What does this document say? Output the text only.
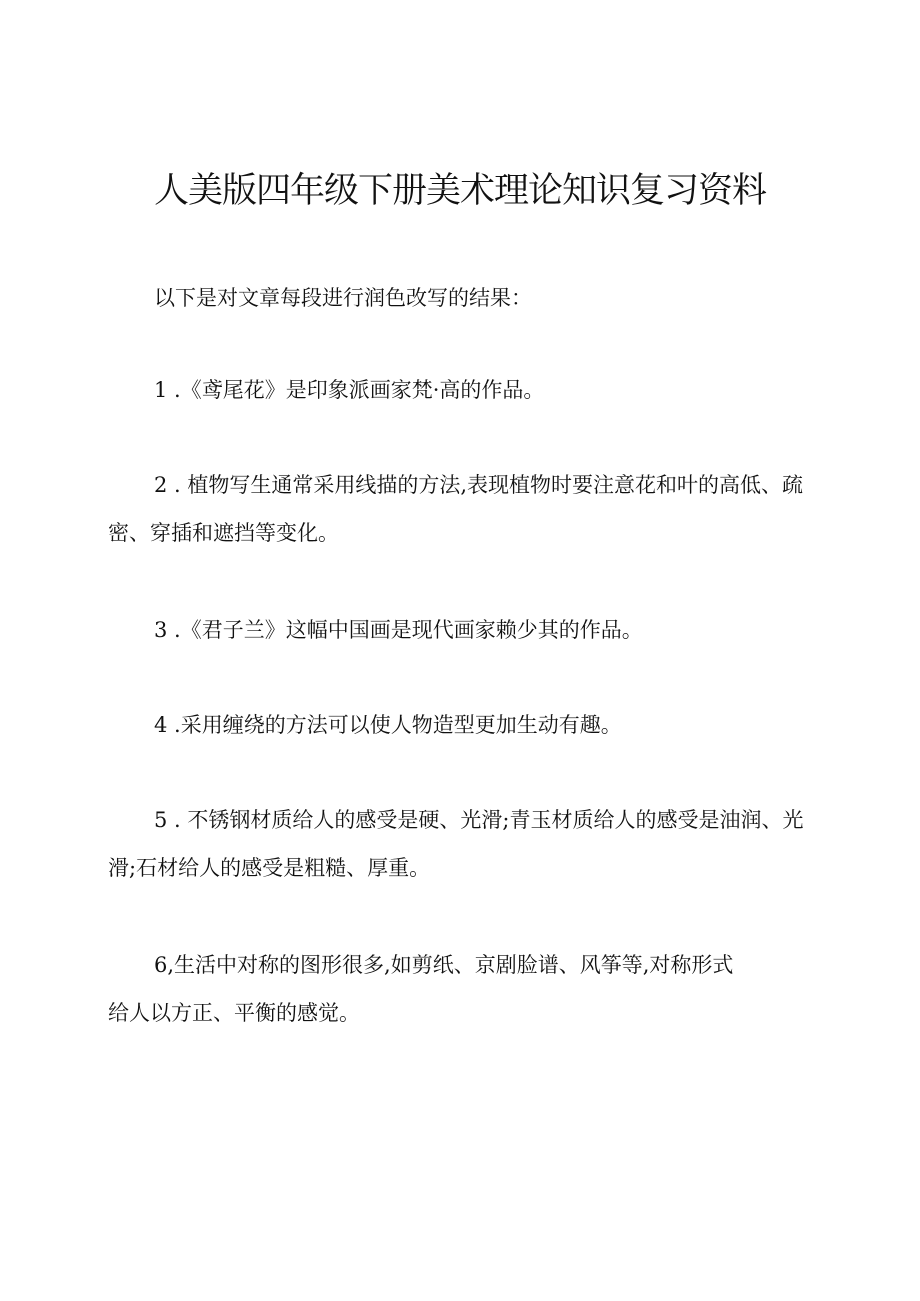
人美版四年级下册美术理论知识复习资料

以下是对文章每段进行润色改写的结果：

1 .《鸢尾花》是印象派画家梵·高的作品。

2 . 植物写生通常采用线描的方法,表现植物时要注意花和叶的高低、疏密、穿插和遮挡等变化。

3 .《君子兰》这幅中国画是现代画家赖少其的作品。

4 .采用缠绕的方法可以使人物造型更加生动有趣。

5 . 不锈钢材质给人的感受是硬、光滑;青玉材质给人的感受是油润、光滑;石材给人的感受是粗糙、厚重。

6,生活中对称的图形很多,如剪纸、京剧脸谱、风筝等,对称形式给人以方正、平衡的感觉。
